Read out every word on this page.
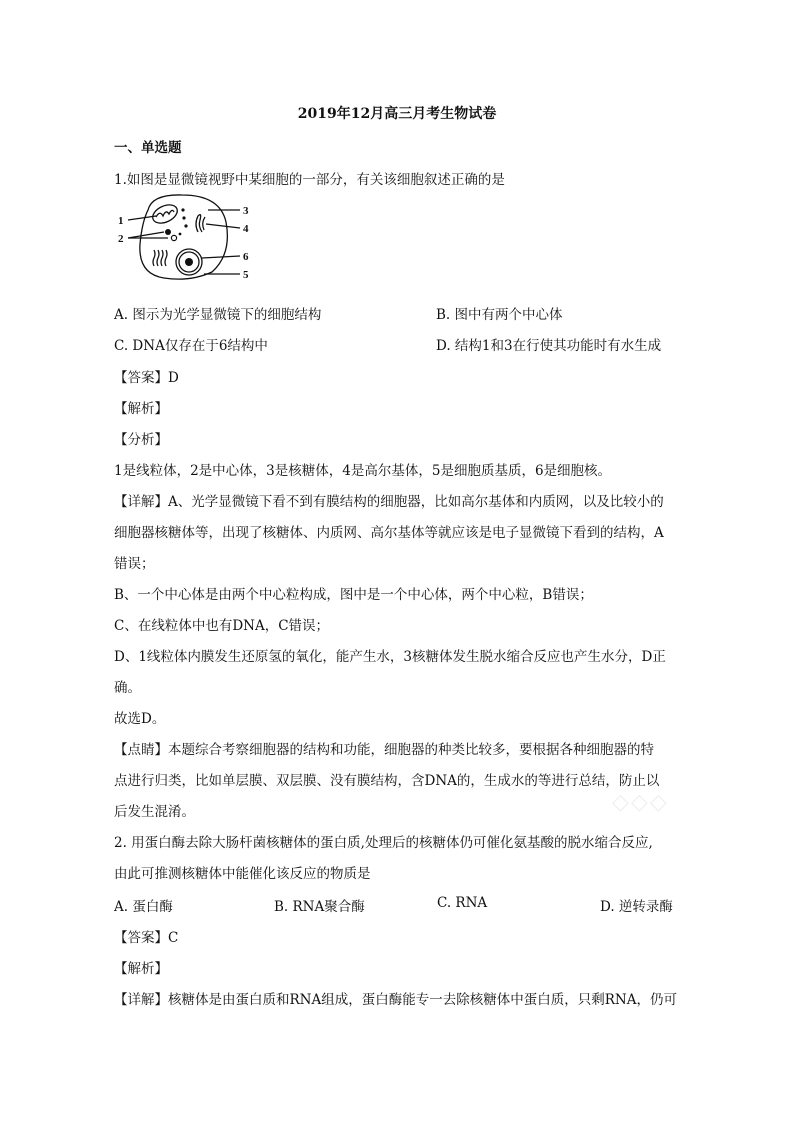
2019年12月高三月考生物试卷
一、单选题
1.如图是显微镜视野中某细胞的一部分，有关该细胞叙述正确的是
1
2
3
4
5
6
A. 图示为光学显微镜下的细胞结构	B. 图中有两个中心体
C. DNA仅存在于6结构中	D. 结构1和3在行使其功能时有水生成
【答案】D
【解析】
【分析】
1是线粒体，2是中心体，3是核糖体，4是高尔基体，5是细胞质基质，6是细胞核。
【详解】A、光学显微镜下看不到有膜结构的细胞器，比如高尔基体和内质网，以及比较小的
细胞器核糖体等，出现了核糖体、内质网、高尔基体等就应该是电子显微镜下看到的结构，A
错误；
B、一个中心体是由两个中心粒构成，图中是一个中心体，两个中心粒，B错误；
C、在线粒体中也有DNA，C错误；
D、1线粒体内膜发生还原氢的氧化，能产生水，3核糖体发生脱水缩合反应也产生水分，D正
确。
故选D。
【点睛】本题综合考察细胞器的结构和功能，细胞器的种类比较多，要根据各种细胞器的特
点进行归类，比如单层膜、双层膜、没有膜结构，含DNA的，生成水的等进行总结，防止以
后发生混淆。	◇◇◇
2. 用蛋白酶去除大肠杆菌核糖体的蛋白质,处理后的核糖体仍可催化氨基酸的脱水缩合反应,
由此可推测核糖体中能催化该反应的物质是
A. 蛋白酶	B. RNA聚合酶	C. RNA	D. 逆转录酶
【答案】C
【解析】
【详解】核糖体是由蛋白质和RNA组成，蛋白酶能专一去除核糖体中蛋白质，只剩RNA，仍可
